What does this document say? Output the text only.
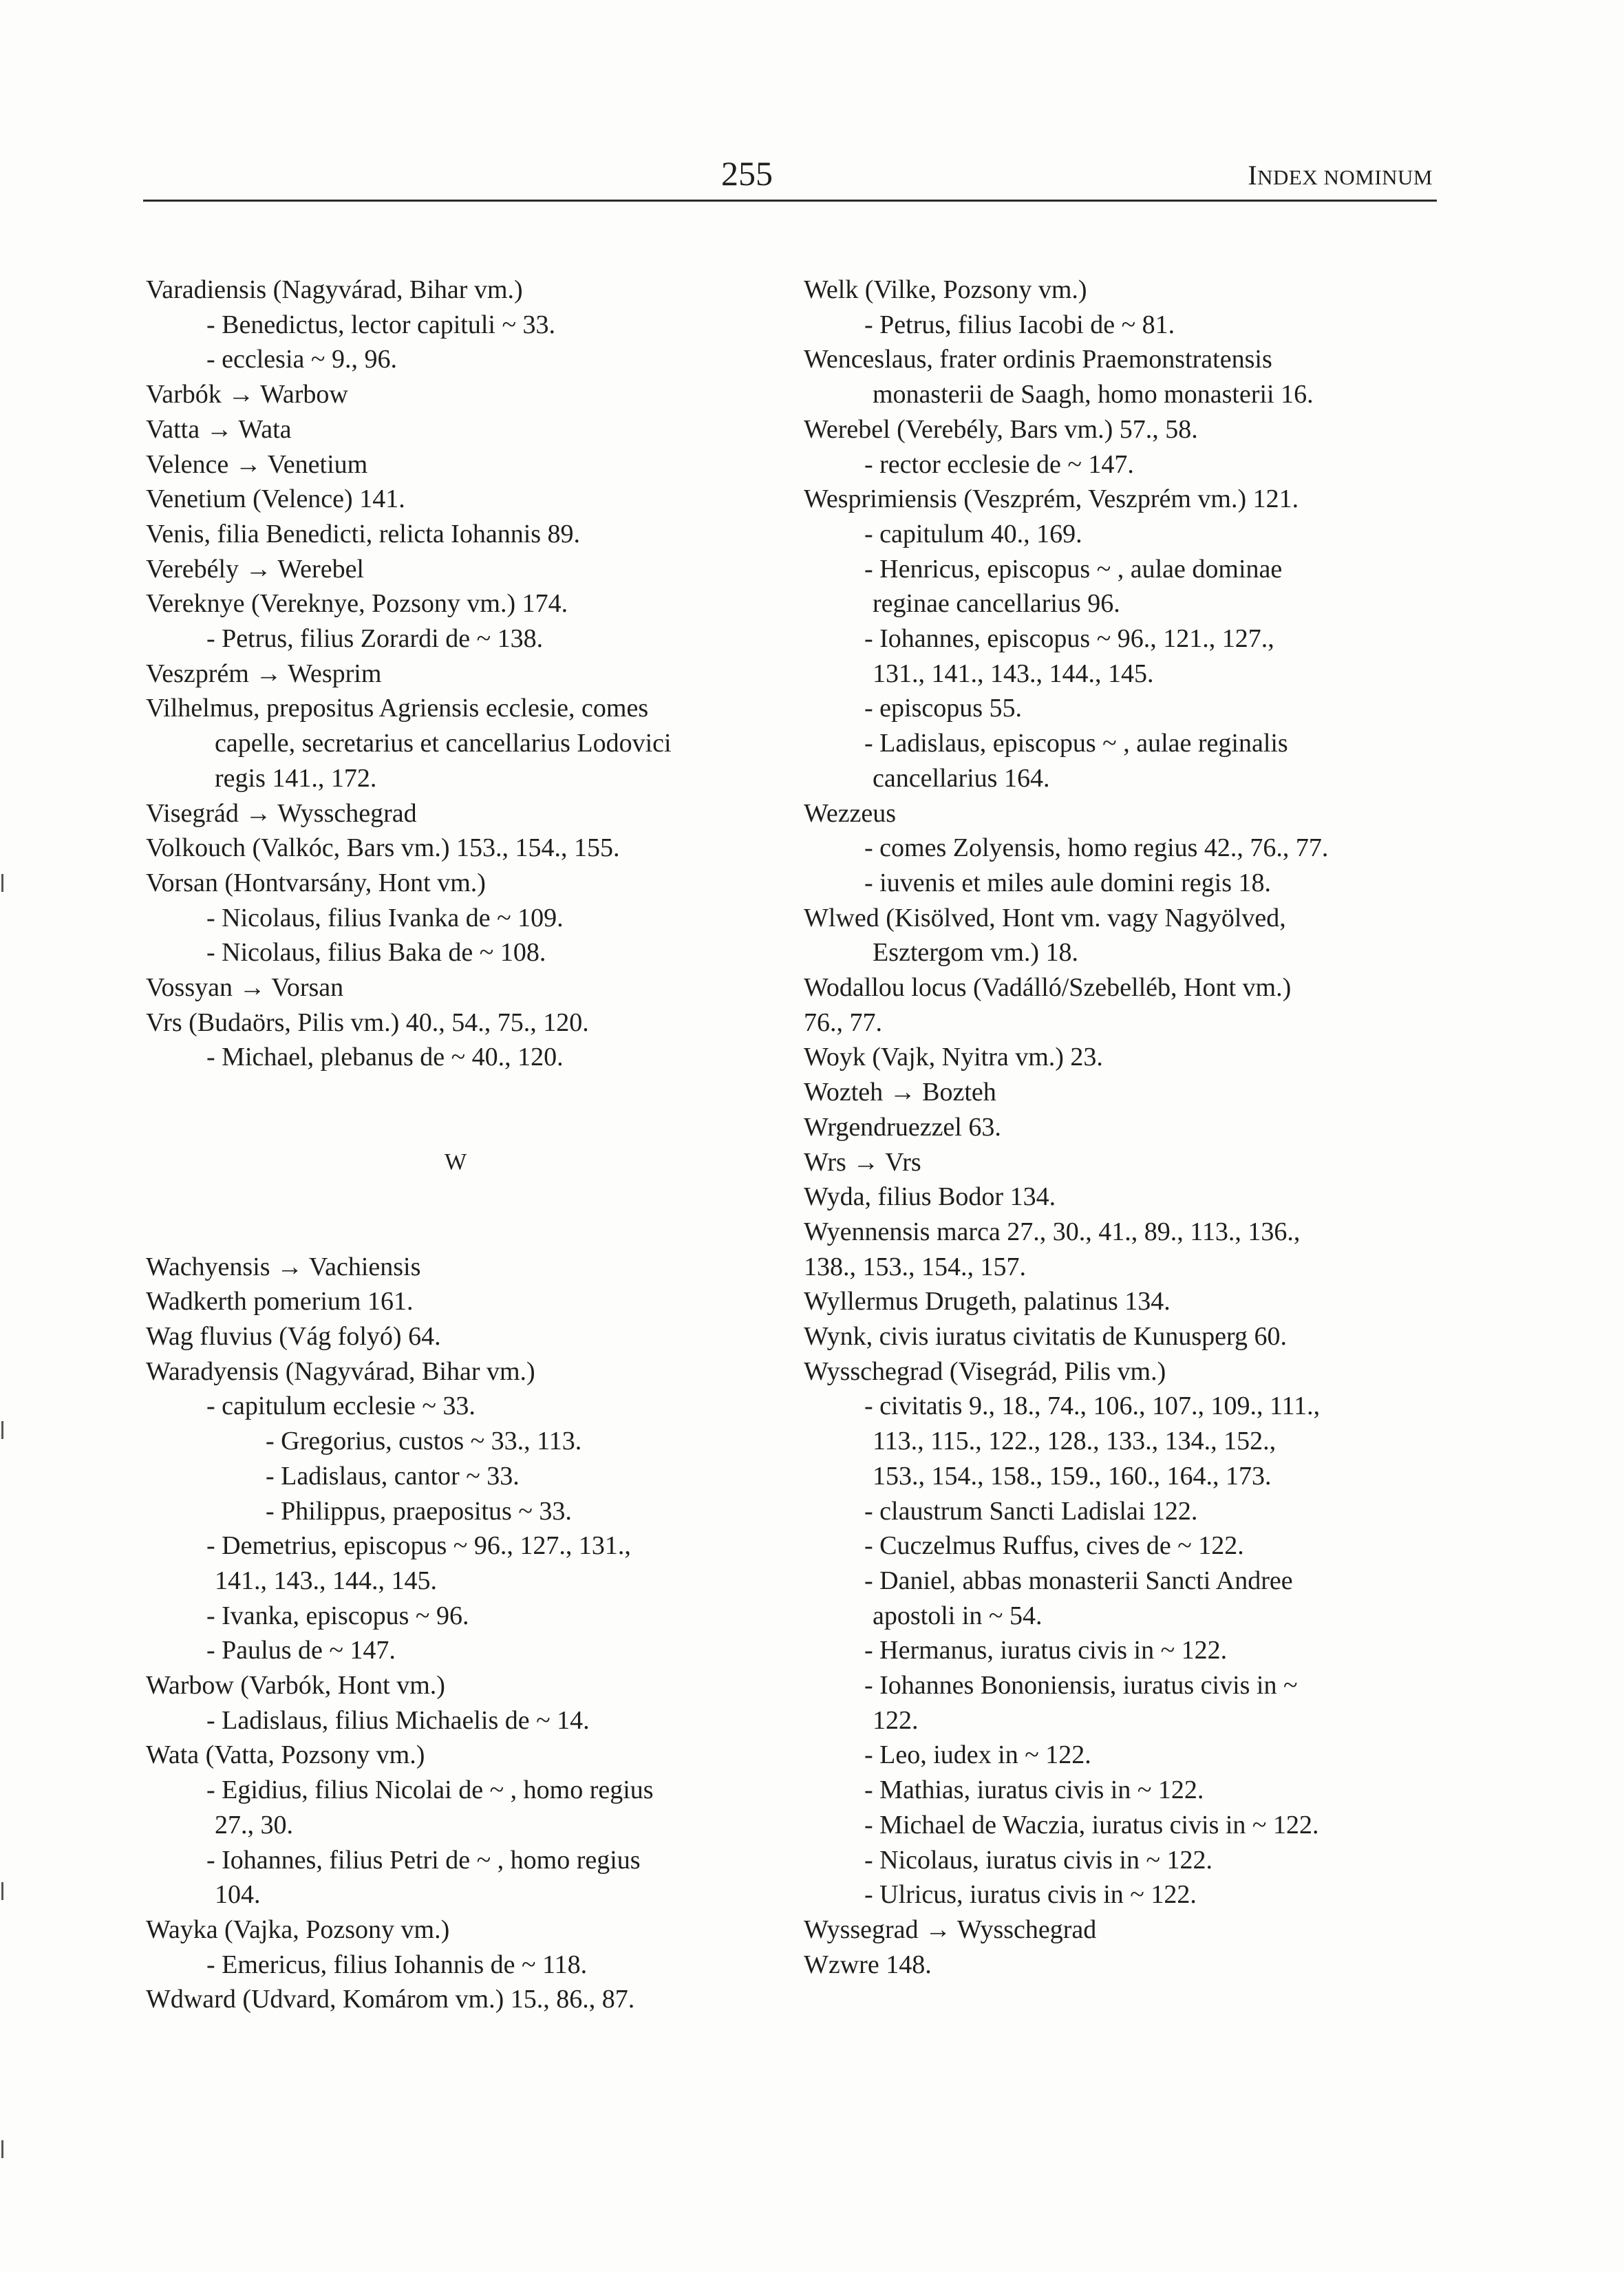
255	INDEX NOMINUM
Varadiensis (Nagyvárad, Bihar vm.)
- Benedictus, lector capituli ~ 33.
- ecclesia ~ 9., 96.
Varbók → Warbow
Vatta → Wata
Velence → Venetium
Venetium (Velence) 141.
Venis, filia Benedicti, relicta Iohannis 89.
Verebély → Werebel
Vereknye (Vereknye, Pozsony vm.) 174.
- Petrus, filius Zorardi de ~ 138.
Veszprém → Wesprim
Vilhelmus, prepositus Agriensis ecclesie, comes
capelle, secretarius et cancellarius Lodovici
regis 141., 172.
Visegrád → Wysschegrad
Volkouch (Valkóc, Bars vm.) 153., 154., 155.
Vorsan (Hontvarsány, Hont vm.)
- Nicolaus, filius Ivanka de ~ 109.
- Nicolaus, filius Baka de ~ 108.
Vossyan → Vorsan
Vrs (Budaörs, Pilis vm.) 40., 54., 75., 120.
- Michael, plebanus de ~ 40., 120.
W
Wachyensis → Vachiensis
Wadkerth pomerium 161.
Wag fluvius (Vág folyó) 64.
Waradyensis (Nagyvárad, Bihar vm.)
- capitulum ecclesie ~ 33.
- Gregorius, custos ~ 33., 113.
- Ladislaus, cantor ~ 33.
- Philippus, praepositus ~ 33.
- Demetrius, episcopus ~ 96., 127., 131.,
141., 143., 144., 145.
- Ivanka, episcopus ~ 96.
- Paulus de ~ 147.
Warbow (Varbók, Hont vm.)
- Ladislaus, filius Michaelis de ~ 14.
Wata (Vatta, Pozsony vm.)
- Egidius, filius Nicolai de ~ , homo regius
27., 30.
- Iohannes, filius Petri de ~ , homo regius
104.
Wayka (Vajka, Pozsony vm.)
- Emericus, filius Iohannis de ~ 118.
Wdward (Udvard, Komárom vm.) 15., 86., 87.
Welk (Vilke, Pozsony vm.)
- Petrus, filius Iacobi de ~ 81.
Wenceslaus, frater ordinis Praemonstratensis
monasterii de Saagh, homo monasterii 16.
Werebel (Verebély, Bars vm.) 57., 58.
- rector ecclesie de ~ 147.
Wesprimiensis (Veszprém, Veszprém vm.) 121.
- capitulum 40., 169.
- Henricus, episcopus ~ , aulae dominae
reginae cancellarius 96.
- Iohannes, episcopus ~ 96., 121., 127.,
131., 141., 143., 144., 145.
- episcopus 55.
- Ladislaus, episcopus ~ , aulae reginalis
cancellarius 164.
Wezzeus
- comes Zolyensis, homo regius 42., 76., 77.
- iuvenis et miles aule domini regis 18.
Wlwed (Kisölved, Hont vm. vagy Nagyölved,
Esztergom vm.) 18.
Wodallou locus (Vadálló/Szebelléb, Hont vm.)
76., 77.
Woyk (Vajk, Nyitra vm.) 23.
Wozteh → Bozteh
Wrgendruezzel 63.
Wrs → Vrs
Wyda, filius Bodor 134.
Wyennensis marca 27., 30., 41., 89., 113., 136.,
138., 153., 154., 157.
Wyllermus Drugeth, palatinus 134.
Wynk, civis iuratus civitatis de Kunusperg 60.
Wysschegrad (Visegrád, Pilis vm.)
- civitatis 9., 18., 74., 106., 107., 109., 111.,
113., 115., 122., 128., 133., 134., 152.,
153., 154., 158., 159., 160., 164., 173.
- claustrum Sancti Ladislai 122.
- Cuczelmus Ruffus, cives de ~ 122.
- Daniel, abbas monasterii Sancti Andree
apostoli in ~ 54.
- Hermanus, iuratus civis in ~ 122.
- Iohannes Bononiensis, iuratus civis in ~
122.
- Leo, iudex in ~ 122.
- Mathias, iuratus civis in ~ 122.
- Michael de Waczia, iuratus civis in ~ 122.
- Nicolaus, iuratus civis in ~ 122.
- Ulricus, iuratus civis in ~ 122.
Wyssegrad → Wysschegrad
Wzwre 148.
